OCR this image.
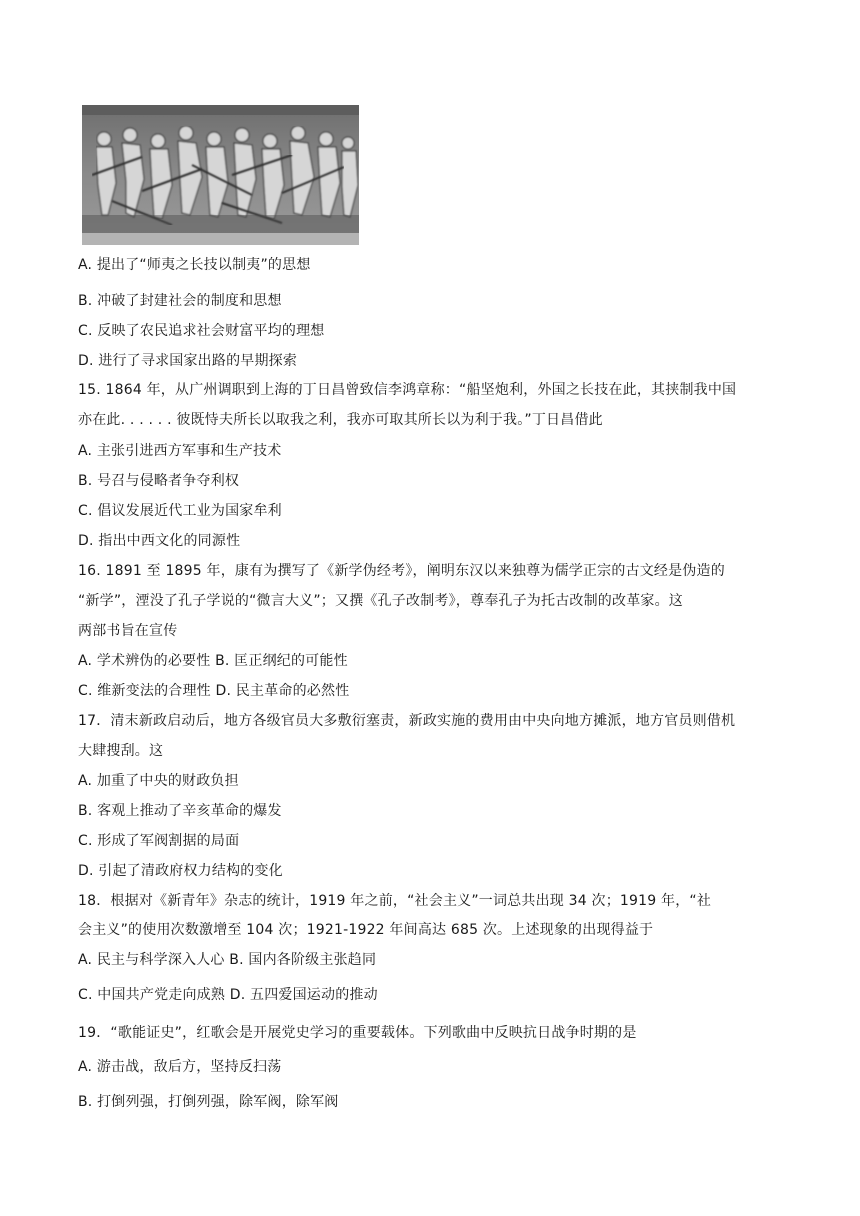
A. 提出了“师夷之长技以制夷”的思想
B. 冲破了封建社会的制度和思想
C. 反映了农民追求社会财富平均的理想
D. 进行了寻求国家出路的早期探索
15. 1864 年，从广州调职到上海的丁日昌曾致信李鸿章称：“船坚炮利，外国之长技在此，其挟制我中国
亦在此. . . . . . 彼既恃夫所长以取我之利，我亦可取其所长以为利于我。”丁日昌借此
A. 主张引进西方军事和生产技术
B. 号召与侵略者争夺利权
C. 倡议发展近代工业为国家牟利
D. 指出中西文化的同源性
16. 1891 至 1895 年，康有为撰写了《新学伪经考》，阐明东汉以来独尊为儒学正宗的古文经是伪造的
“新学”，湮没了孔子学说的“微言大义”；又撰《孔子改制考》，尊奉孔子为托古改制的改革家。这
两部书旨在宣传
A. 学术辨伪的必要性 B. 匡正纲纪的可能性
C. 维新变法的合理性 D. 民主革命的必然性
17．清末新政启动后，地方各级官员大多敷衍塞责，新政实施的费用由中央向地方摊派，地方官员则借机
大肆搜刮。这
A. 加重了中央的财政负担
B. 客观上推动了辛亥革命的爆发
C. 形成了军阀割据的局面
D. 引起了清政府权力结构的变化
18．根据对《新青年》杂志的统计，1919 年之前，“社会主义”一词总共出现 34 次；1919 年，“社
会主义”的使用次数激增至 104 次；1921-1922 年间高达 685 次。上述现象的出现得益于
A. 民主与科学深入人心 B. 国内各阶级主张趋同
C. 中国共产党走向成熟 D. 五四爱国运动的推动
19．“歌能证史”，红歌会是开展党史学习的重要载体。下列歌曲中反映抗日战争时期的是
A. 游击战，敌后方，坚持反扫荡
B. 打倒列强，打倒列强，除军阀，除军阀
